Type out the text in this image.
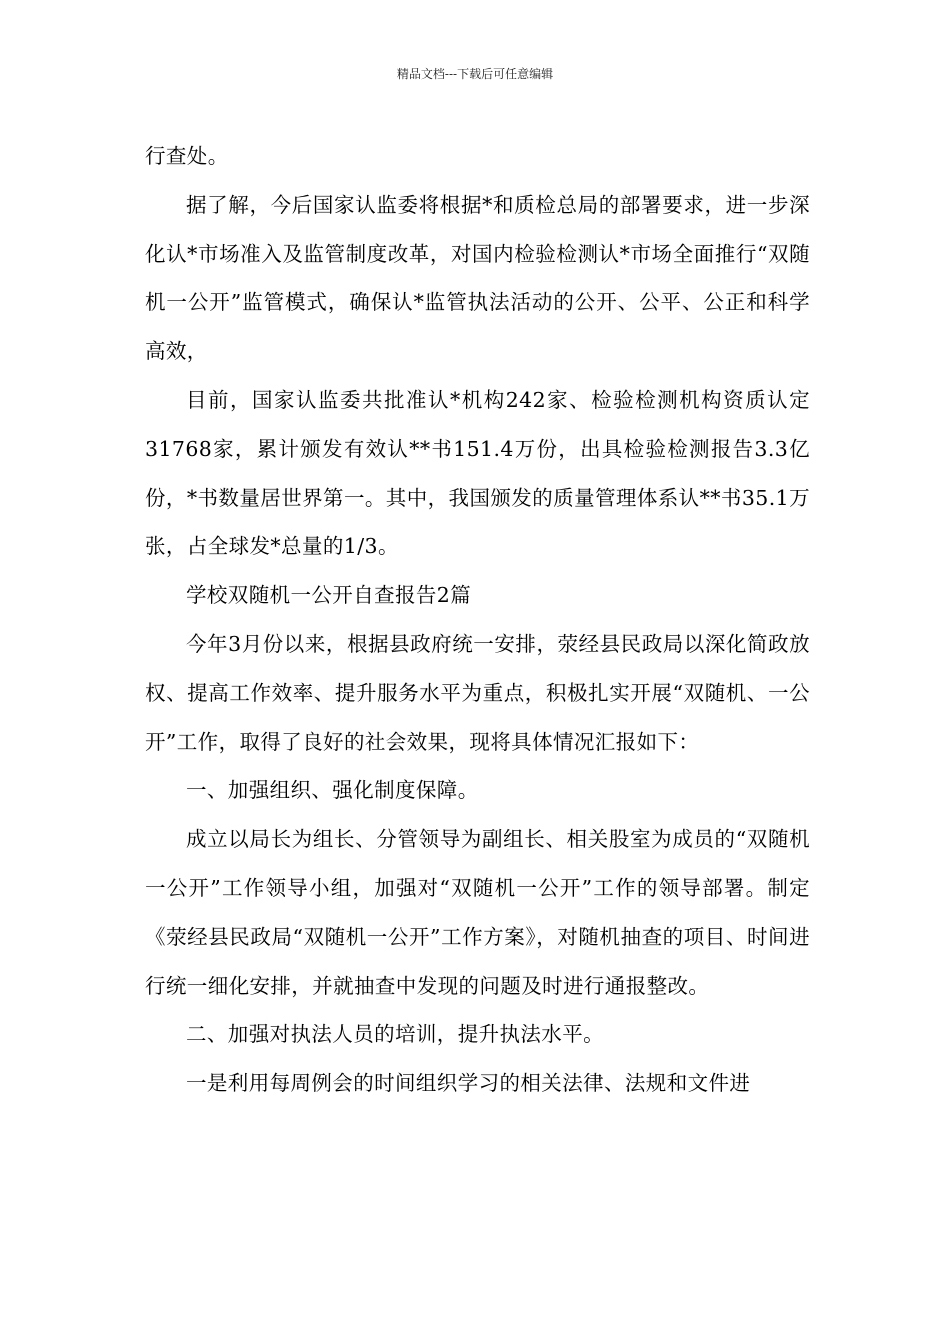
精品文档---下载后可任意编辑

行查处。

据了解，今后国家认监委将根据*和质检总局的部署要求，进一步深化认*市场准入及监管制度改革，对国内检验检测认*市场全面推行“双随机一公开”监管模式，确保认*监管执法活动的公开、公平、公正和科学高效，

目前，国家认监委共批准认*机构242家、检验检测机构资质认定31768家，累计颁发有效认**书151.4万份，出具检验检测报告3.3亿份，*书数量居世界第一。其中，我国颁发的质量管理体系认**书35.1万张，占全球发*总量的1/3。

学校双随机一公开自查报告2篇

今年3月份以来，根据县政府统一安排，荥经县民政局以深化简政放权、提高工作效率、提升服务水平为重点，积极扎实开展“双随机、一公开”工作，取得了良好的社会效果，现将具体情况汇报如下：

一、加强组织、强化制度保障。

成立以局长为组长、分管领导为副组长、相关股室为成员的“双随机一公开”工作领导小组，加强对“双随机一公开”工作的领导部署。制定《荥经县民政局“双随机一公开”工作方案》，对随机抽查的项目、时间进行统一细化安排，并就抽查中发现的问题及时进行通报整改。

二、加强对执法人员的培训，提升执法水平。

一是利用每周例会的时间组织学习的相关法律、法规和文件进
